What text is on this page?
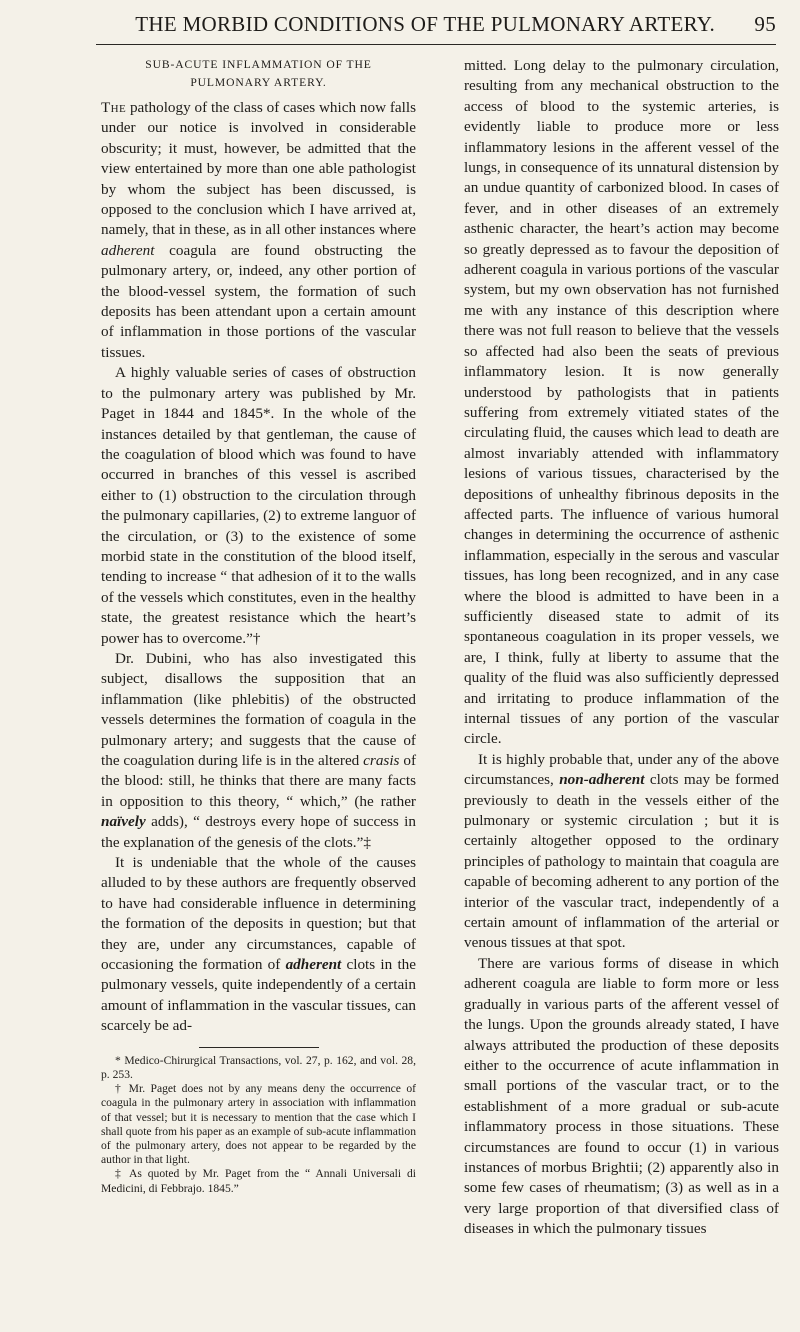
THE MORBID CONDITIONS OF THE PULMONARY ARTERY.	95
SUB-ACUTE INFLAMMATION OF THE
PULMONARY ARTERY.

The pathology of the class of cases which now falls under our notice is involved in considerable obscurity; it must, however, be admitted that the view entertained by more than one able pathologist by whom the subject has been discussed, is opposed to the conclusion which I have arrived at, namely, that in these, as in all other instances where adherent coagula are found obstructing the pulmonary artery, or, indeed, any other portion of the blood-vessel system, the formation of such deposits has been attendant upon a certain amount of inflammation in those portions of the vascular tissues.

A highly valuable series of cases of obstruction to the pulmonary artery was published by Mr. Paget in 1844 and 1845*. In the whole of the instances detailed by that gentleman, the cause of the coagulation of blood which was found to have occurred in branches of this vessel is ascribed either to (1) obstruction to the circulation through the pulmonary capillaries, (2) to extreme languor of the circulation, or (3) to the existence of some morbid state in the constitution of the blood itself, tending to increase “ that adhesion of it to the walls of the vessels which constitutes, even in the healthy state, the greatest resistance which the heart’s power has to overcome.”†

Dr. Dubini, who has also investigated this subject, disallows the supposition that an inflammation (like phlebitis) of the obstructed vessels determines the formation of coagula in the pulmonary artery; and suggests that the cause of the coagulation during life is in the altered crasis of the blood: still, he thinks that there are many facts in opposition to this theory, “ which,” (he rather naïvely adds), “ destroys every hope of success in the explanation of the genesis of the clots.”‡

It is undeniable that the whole of the causes alluded to by these authors are frequently observed to have had considerable influence in determining the formation of the deposits in question; but that they are, under any circumstances, capable of occasioning the formation of adherent clots in the pulmonary vessels, quite independently of a certain amount of inflammation in the vascular tissues, can scarcely be ad-

* Medico-Chirurgical Transactions, vol. 27, p. 162, and vol. 28, p. 253.

† Mr. Paget does not by any means deny the occurrence of coagula in the pulmonary artery in association with inflammation of that vessel; but it is necessary to mention that the case which I shall quote from his paper as an example of sub-acute inflammation of the pulmonary artery, does not appear to be regarded by the author in that light.

‡ As quoted by Mr. Paget from the “ Annali Universali di Medicini, di Febbrajo. 1845.”

mitted. Long delay to the pulmonary circulation, resulting from any mechanical obstruction to the access of blood to the systemic arteries, is evidently liable to produce more or less inflammatory lesions in the afferent vessel of the lungs, in consequence of its unnatural distension by an undue quantity of carbonized blood. In cases of fever, and in other diseases of an extremely asthenic character, the heart’s action may become so greatly depressed as to favour the deposition of adherent coagula in various portions of the vascular system, but my own observation has not furnished me with any instance of this description where there was not full reason to believe that the vessels so affected had also been the seats of previous inflammatory lesion. It is now generally understood by pathologists that in patients suffering from extremely vitiated states of the circulating fluid, the causes which lead to death are almost invariably attended with inflammatory lesions of various tissues, characterised by the depositions of unhealthy fibrinous deposits in the affected parts. The influence of various humoral changes in determining the occurrence of asthenic inflammation, especially in the serous and vascular tissues, has long been recognized, and in any case where the blood is admitted to have been in a sufficiently diseased state to admit of its spontaneous coagulation in its proper vessels, we are, I think, fully at liberty to assume that the quality of the fluid was also sufficiently depressed and irritating to produce inflammation of the internal tissues of any portion of the vascular circle.

It is highly probable that, under any of the above circumstances, non-adherent clots may be formed previously to death in the vessels either of the pulmonary or systemic circulation ; but it is certainly altogether opposed to the ordinary principles of pathology to maintain that coagula are capable of becoming adherent to any portion of the interior of the vascular tract, independently of a certain amount of inflammation of the arterial or venous tissues at that spot.

There are various forms of disease in which adherent coagula are liable to form more or less gradually in various parts of the afferent vessel of the lungs. Upon the grounds already stated, I have always attributed the production of these deposits either to the occurrence of acute inflammation in small portions of the vascular tract, or to the establishment of a more gradual or sub-acute inflammatory process in those situations. These circumstances are found to occur (1) in various instances of morbus Brightii; (2) apparently also in some few cases of rheumatism; (3) as well as in a very large proportion of that diversified class of diseases in which the pulmonary tissues
